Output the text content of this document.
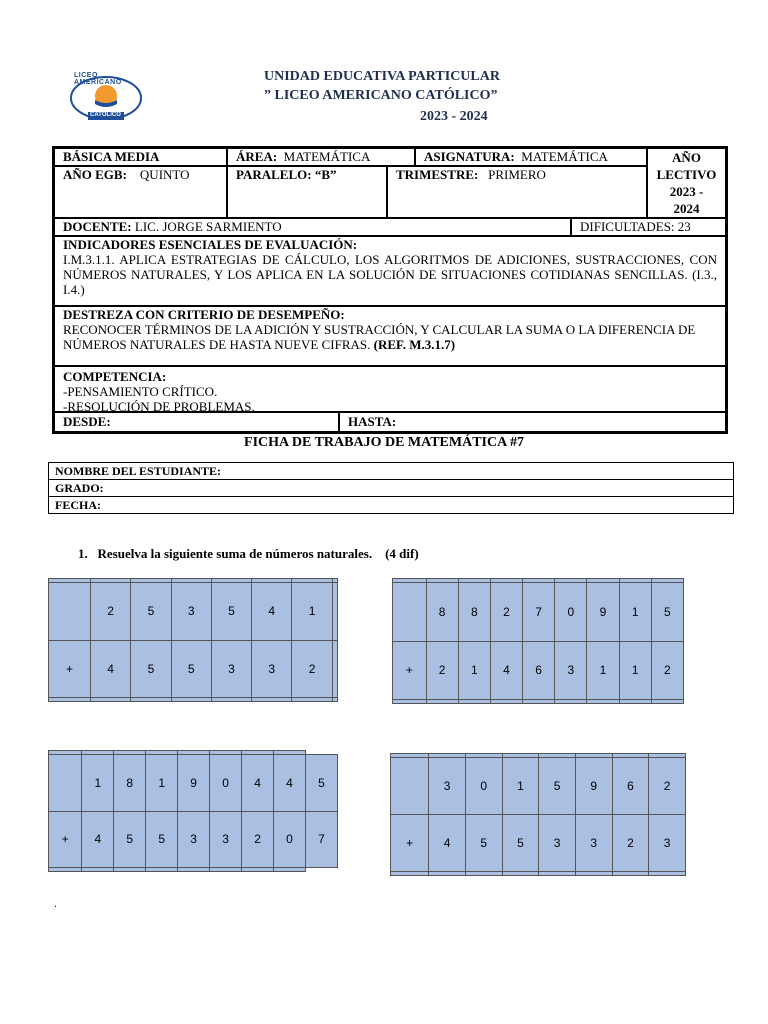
LICEO AMERICANO
CATÓLICO
UNIDAD EDUCATIVA PARTICULAR
” LICEO AMERICANO CATÓLICO”
2023 - 2024
BÁSICA MEDIA	ÁREA: MATEMÁTICA	ASIGNATURA: MATEMÁTICA	AÑO
LECTIVO
2023 -
2024
AÑO EGB: QUINTO	PARALELO: “B”	TRIMESTRE: PRIMERO
DOCENTE: LIC. JORGE SARMIENTO	DIFICULTADES: 23
INDICADORES ESENCIALES DE EVALUACIÓN:
I.M.3.1.1. APLICA ESTRATEGIAS DE CÁLCULO, LOS ALGORITMOS DE ADICIONES, SUSTRACCIONES, CON NÚMEROS NATURALES, Y LOS APLICA EN LA SOLUCIÓN DE SITUACIONES COTIDIANAS SENCILLAS. (I.3., I.4.)
DESTREZA CON CRITERIO DE DESEMPEÑO:
RECONOCER TÉRMINOS DE LA ADICIÓN Y SUSTRACCIÓN, Y CALCULAR LA SUMA O LA DIFERENCIA DE NÚMEROS NATURALES DE HASTA NUEVE CIFRAS. (REF. M.3.1.7)
COMPETENCIA:
-PENSAMIENTO CRÍTICO.
-RESOLUCIÓN DE PROBLEMAS.
DESDE:	HASTA:
FICHA DE TRABAJO DE MATEMÁTICA #7
NOMBRE DEL ESTUDIANTE:
GRADO:
FECHA:
1. Resuelva la siguiente suma de números naturales. (4 dif)

	2	5	3	5	4	1	
+	4	5	5	3	3	2	

	8	8	2	7	0	9	1	5
+	2	1	4	6	3	1	1	2

	1	8	1	9	0	4	4	5
+	4	5	5	3	3	2	0	7

	3	0	1	5	9	6	2
+	4	5	5	3	3	2	3

.
